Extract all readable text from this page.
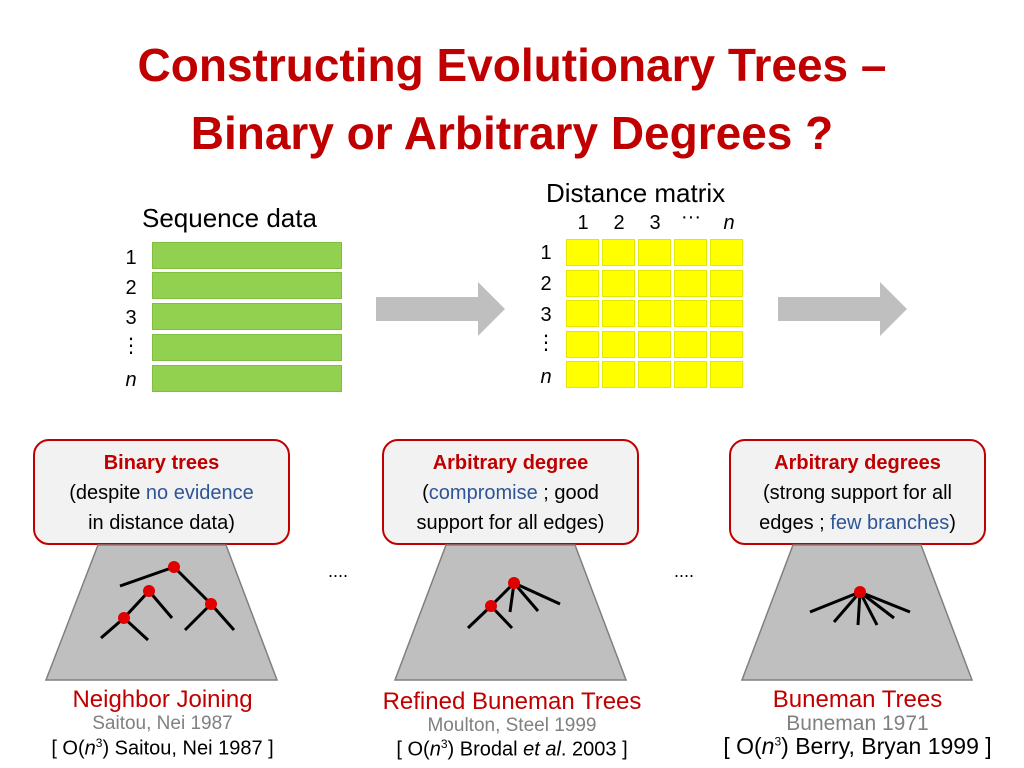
Constructing Evolutionary Trees –
Binary or Arbitrary Degrees ?
Sequence data
1
2
3
⋮
n
Distance matrix
1 2 3 ··· n
1
2
3
⋮
n
Binary trees
(despite no evidence
in distance data)
Arbitrary degree
(compromise ; good
support for all edges)
Arbitrary degrees
(strong support for all
edges ; few branches)
....	....
Neighbor Joining
Saitou, Nei 1987
[ $O(n^3)$ Saitou, Nei 1987 ]
Refined Buneman Trees
Moulton, Steel 1999
[ $O(n^3)$ Brodal et al. 2003 ]
Buneman Trees
Buneman 1971
[ $O(n^3)$ Berry, Bryan 1999 ]
